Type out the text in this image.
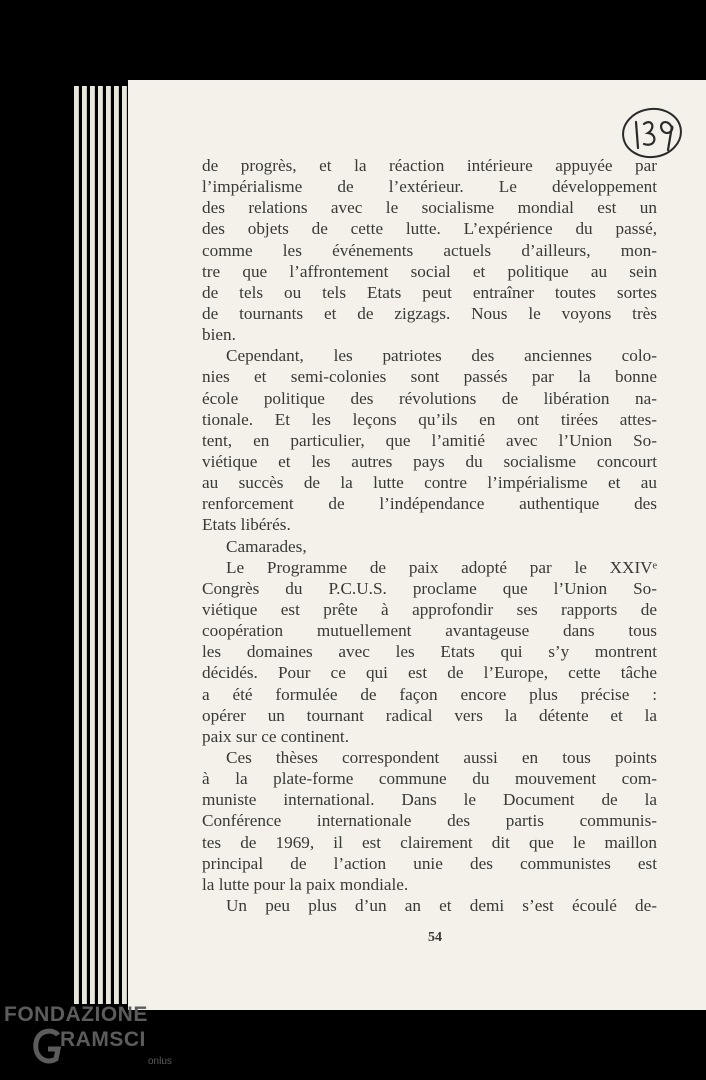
de progrès, et la réaction intérieure appuyée par
l’impérialisme de l’extérieur. Le développement
des relations avec le socialisme mondial est un
des objets de cette lutte. L’expérience du passé,
comme les événements actuels d’ailleurs, mon-
tre que l’affrontement social et politique au sein
de tels ou tels Etats peut entraîner toutes sortes
de tournants et de zigzags. Nous le voyons très
bien.
Cependant, les patriotes des anciennes colo-
nies et semi-colonies sont passés par la bonne
école politique des révolutions de libération na-
tionale. Et les leçons qu’ils en ont tirées attes-
tent, en particulier, que l’amitié avec l’Union So-
viétique et les autres pays du socialisme concourt
au succès de la lutte contre l’impérialisme et au
renforcement de l’indépendance authentique des
Etats libérés.
Camarades,
Le Programme de paix adopté par le XXIVᵉ
Congrès du P.C.U.S. proclame que l’Union So-
viétique est prête à approfondir ses rapports de
coopération mutuellement avantageuse dans tous
les domaines avec les Etats qui s’y montrent
décidés. Pour ce qui est de l’Europe, cette tâche
a été formulée de façon encore plus précise :
opérer un tournant radical vers la détente et la
paix sur ce continent.
Ces thèses correspondent aussi en tous points
à la plate-forme commune du mouvement com-
muniste international. Dans le Document de la
Conférence internationale des partis communis-
tes de 1969, il est clairement dit que le maillon
principal de l’action unie des communistes est
la lutte pour la paix mondiale.
Un peu plus d’un an et demi s’est écoulé de-
54
FONDAZIONE
RAMSCI
onlus
